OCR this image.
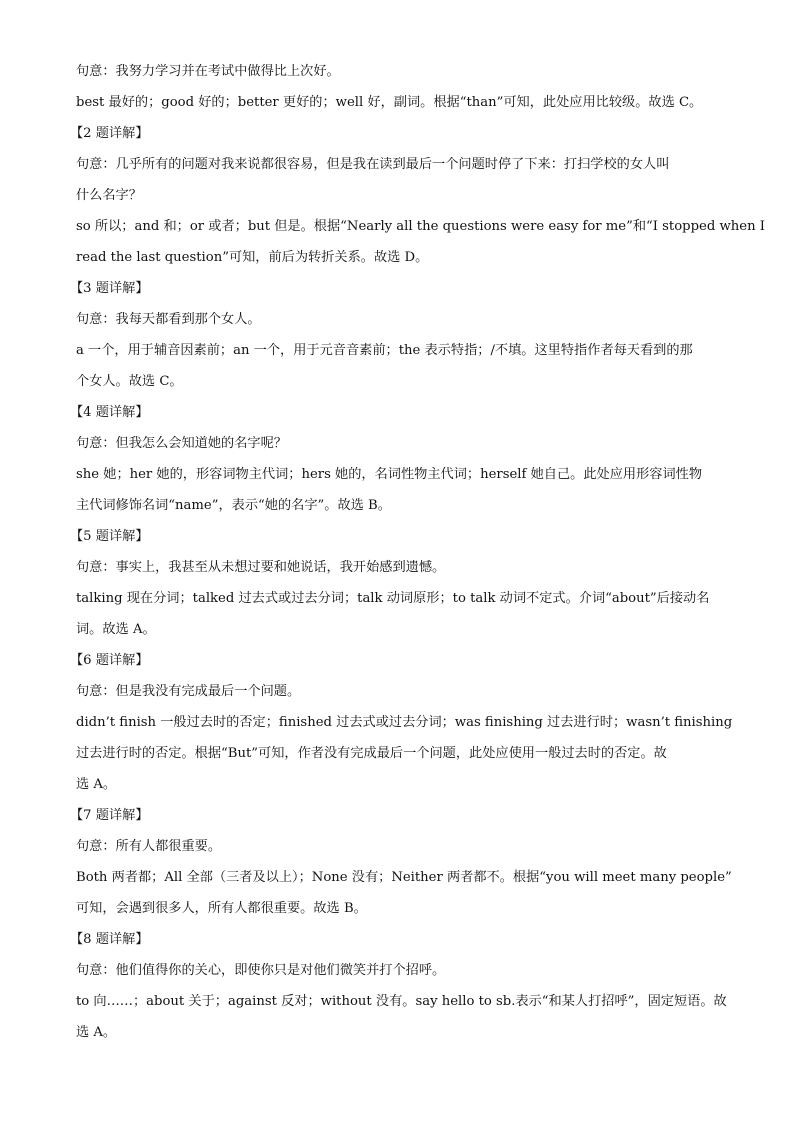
句意：我努力学习并在考试中做得比上次好。
best 最好的；good 好的；better 更好的；well 好，副词。根据“than”可知，此处应用比较级。故选 C。
【2 题详解】
句意：几乎所有的问题对我来说都很容易，但是我在读到最后一个问题时停了下来：打扫学校的女人叫
什么名字？
so 所以；and 和；or 或者；but 但是。根据“Nearly all the questions were easy for me”和“I stopped when I
read the last question”可知，前后为转折关系。故选 D。
【3 题详解】
句意：我每天都看到那个女人。
a 一个，用于辅音因素前；an 一个，用于元音音素前；the 表示特指；/不填。这里特指作者每天看到的那
个女人。故选 C。
【4 题详解】
句意：但我怎么会知道她的名字呢？
she 她；her 她的，形容词物主代词；hers 她的，名词性物主代词；herself 她自己。此处应用形容词性物
主代词修饰名词“name”，表示“她的名字”。故选 B。
【5 题详解】
句意：事实上，我甚至从未想过要和她说话，我开始感到遗憾。
talking 现在分词；talked 过去式或过去分词；talk 动词原形；to talk 动词不定式。介词“about”后接动名
词。故选 A。
【6 题详解】
句意：但是我没有完成最后一个问题。
didn’t finish 一般过去时的否定；finished 过去式或过去分词；was finishing 过去进行时；wasn’t finishing
过去进行时的否定。根据“But”可知，作者没有完成最后一个问题，此处应使用一般过去时的否定。故
选 A。
【7 题详解】
句意：所有人都很重要。
Both 两者都；All 全部（三者及以上）；None 没有；Neither 两者都不。根据“you will meet many people”
可知，会遇到很多人，所有人都很重要。故选 B。
【8 题详解】
句意：他们值得你的关心，即使你只是对他们微笑并打个招呼。
to 向……；about 关于；against 反对；without 没有。say hello to sb.表示“和某人打招呼”，固定短语。故
选 A。
